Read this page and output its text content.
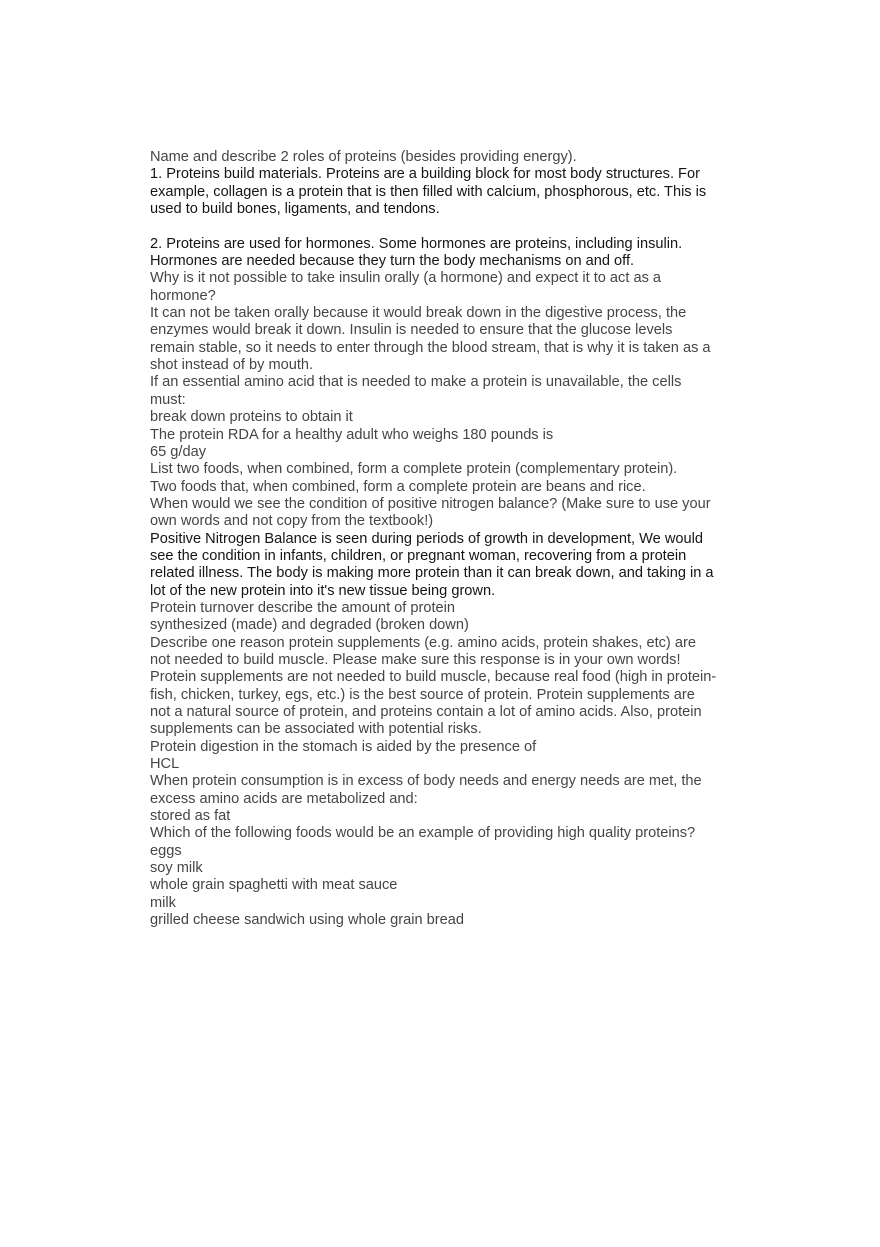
Name and describe 2 roles of proteins (besides providing energy).
1. Proteins build materials. Proteins are a building block for most body structures. For
example, collagen is a protein that is then filled with calcium, phosphorous, etc. This is
used to build bones, ligaments, and tendons.
2. Proteins are used for hormones. Some hormones are proteins, including insulin.
Hormones are needed because they turn the body mechanisms on and off.
Why is it not possible to take insulin orally (a hormone) and expect it to act as a
hormone?
It can not be taken orally because it would break down in the digestive process, the
enzymes would break it down. Insulin is needed to ensure that the glucose levels
remain stable, so it needs to enter through the blood stream, that is why it is taken as a
shot instead of by mouth.
If an essential amino acid that is needed to make a protein is unavailable, the cells
must:
break down proteins to obtain it
The protein RDA for a healthy adult who weighs 180 pounds is
65 g/day
List two foods, when combined, form a complete protein (complementary protein).
Two foods that, when combined, form a complete protein are beans and rice.
When would we see the condition of positive nitrogen balance? (Make sure to use your
own words and not copy from the textbook!)
Positive Nitrogen Balance is seen during periods of growth in development, We would
see the condition in infants, children, or pregnant woman, recovering from a protein
related illness. The body is making more protein than it can break down, and taking in a
lot of the new protein into it's new tissue being grown.
Protein turnover describe the amount of protein
synthesized (made) and degraded (broken down)
Describe one reason protein supplements (e.g. amino acids, protein shakes, etc) are
not needed to build muscle. Please make sure this response is in your own words!
Protein supplements are not needed to build muscle, because real food (high in protein-
fish, chicken, turkey, egs, etc.) is the best source of protein. Protein supplements are
not a natural source of protein, and proteins contain a lot of amino acids. Also, protein
supplements can be associated with potential risks.
Protein digestion in the stomach is aided by the presence of
HCL
When protein consumption is in excess of body needs and energy needs are met, the
excess amino acids are metabolized and:
stored as fat
Which of the following foods would be an example of providing high quality proteins?
eggs
soy milk
whole grain spaghetti with meat sauce
milk
grilled cheese sandwich using whole grain bread
